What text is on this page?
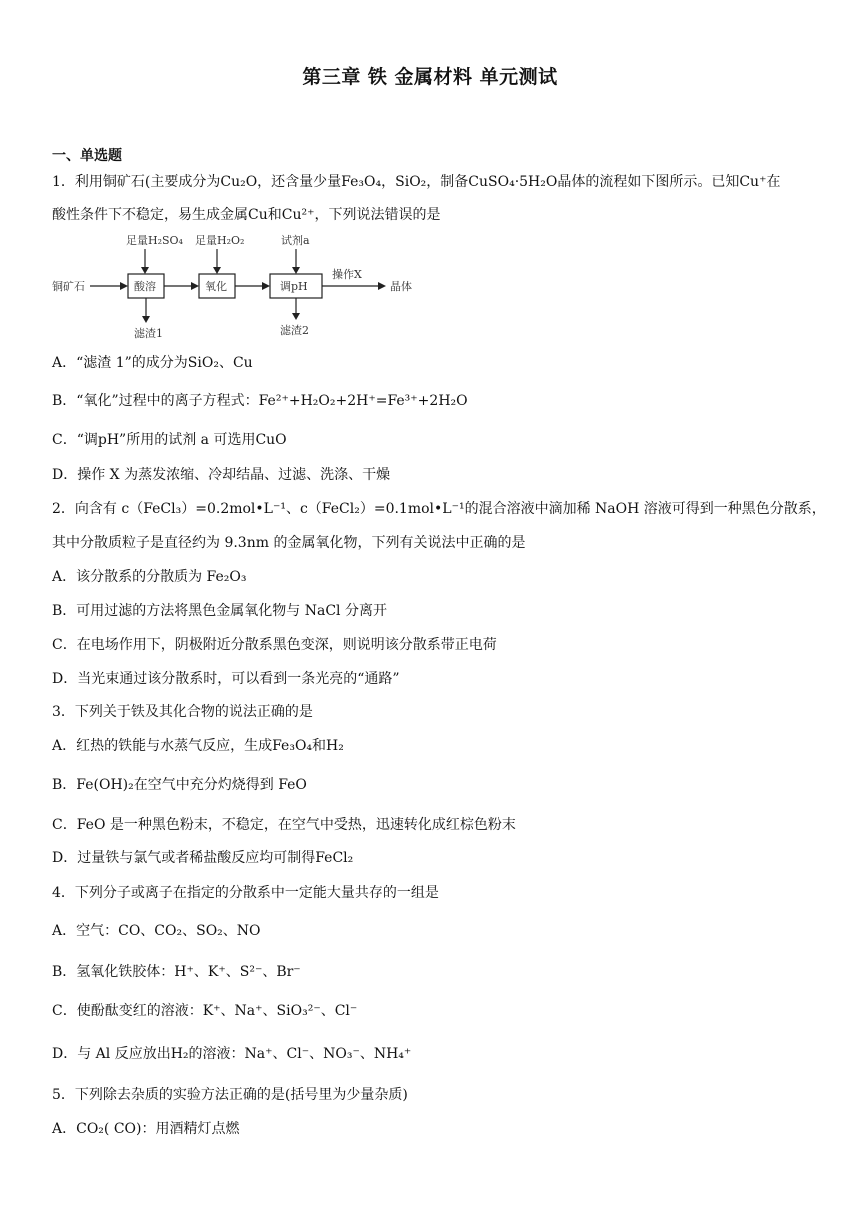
第三章 铁 金属材料 单元测试
一、单选题
1．利用铜矿石(主要成分为Cu₂O，还含量少量Fe₃O₄，SiO₂，制备CuSO₄·5H₂O晶体的流程如下图所示。已知Cu⁺在
酸性条件下不稳定，易生成金属Cu和Cu²⁺，下列说法错误的是
足量H₂SO₄ 足量H₂O₂	试剂a
铜矿石	酸溶	氧化	调pH
操作X
晶体
滤渣1	滤渣2
A．“滤渣 1”的成分为SiO₂、Cu
B．“氧化”过程中的离子方程式：Fe²⁺+H₂O₂+2H⁺=Fe³⁺+2H₂O
C．“调pH”所用的试剂 a 可选用CuO
D．操作 X 为蒸发浓缩、冷却结晶、过滤、洗涤、干燥
2．向含有 c（FeCl₃）=0.2mol•L⁻¹、c（FeCl₂）=0.1mol•L⁻¹的混合溶液中滴加稀 NaOH 溶液可得到一种黑色分散系，
其中分散质粒子是直径约为 9.3nm 的金属氧化物，下列有关说法中正确的是
A．该分散系的分散质为 Fe₂O₃
B．可用过滤的方法将黑色金属氧化物与 NaCl 分离开
C．在电场作用下，阴极附近分散系黑色变深，则说明该分散系带正电荷
D．当光束通过该分散系时，可以看到一条光亮的“通路”
3．下列关于铁及其化合物的说法正确的是
A．红热的铁能与水蒸气反应，生成Fe₃O₄和H₂
B．Fe(OH)₂在空气中充分灼烧得到 FeO
C．FeO 是一种黑色粉末，不稳定，在空气中受热，迅速转化成红棕色粉末
D．过量铁与氯气或者稀盐酸反应均可制得FeCl₂
4．下列分子或离子在指定的分散系中一定能大量共存的一组是
A．空气：CO、CO₂、SO₂、NO
B．氢氧化铁胶体：H⁺、K⁺、S²⁻、Br⁻
C．使酚酞变红的溶液：K⁺、Na⁺、SiO₃²⁻、Cl⁻
D．与 Al 反应放出H₂的溶液：Na⁺、Cl⁻、NO₃⁻、NH₄⁺
5．下列除去杂质的实验方法正确的是(括号里为少量杂质)
A．CO₂( CO)：用酒精灯点燃
